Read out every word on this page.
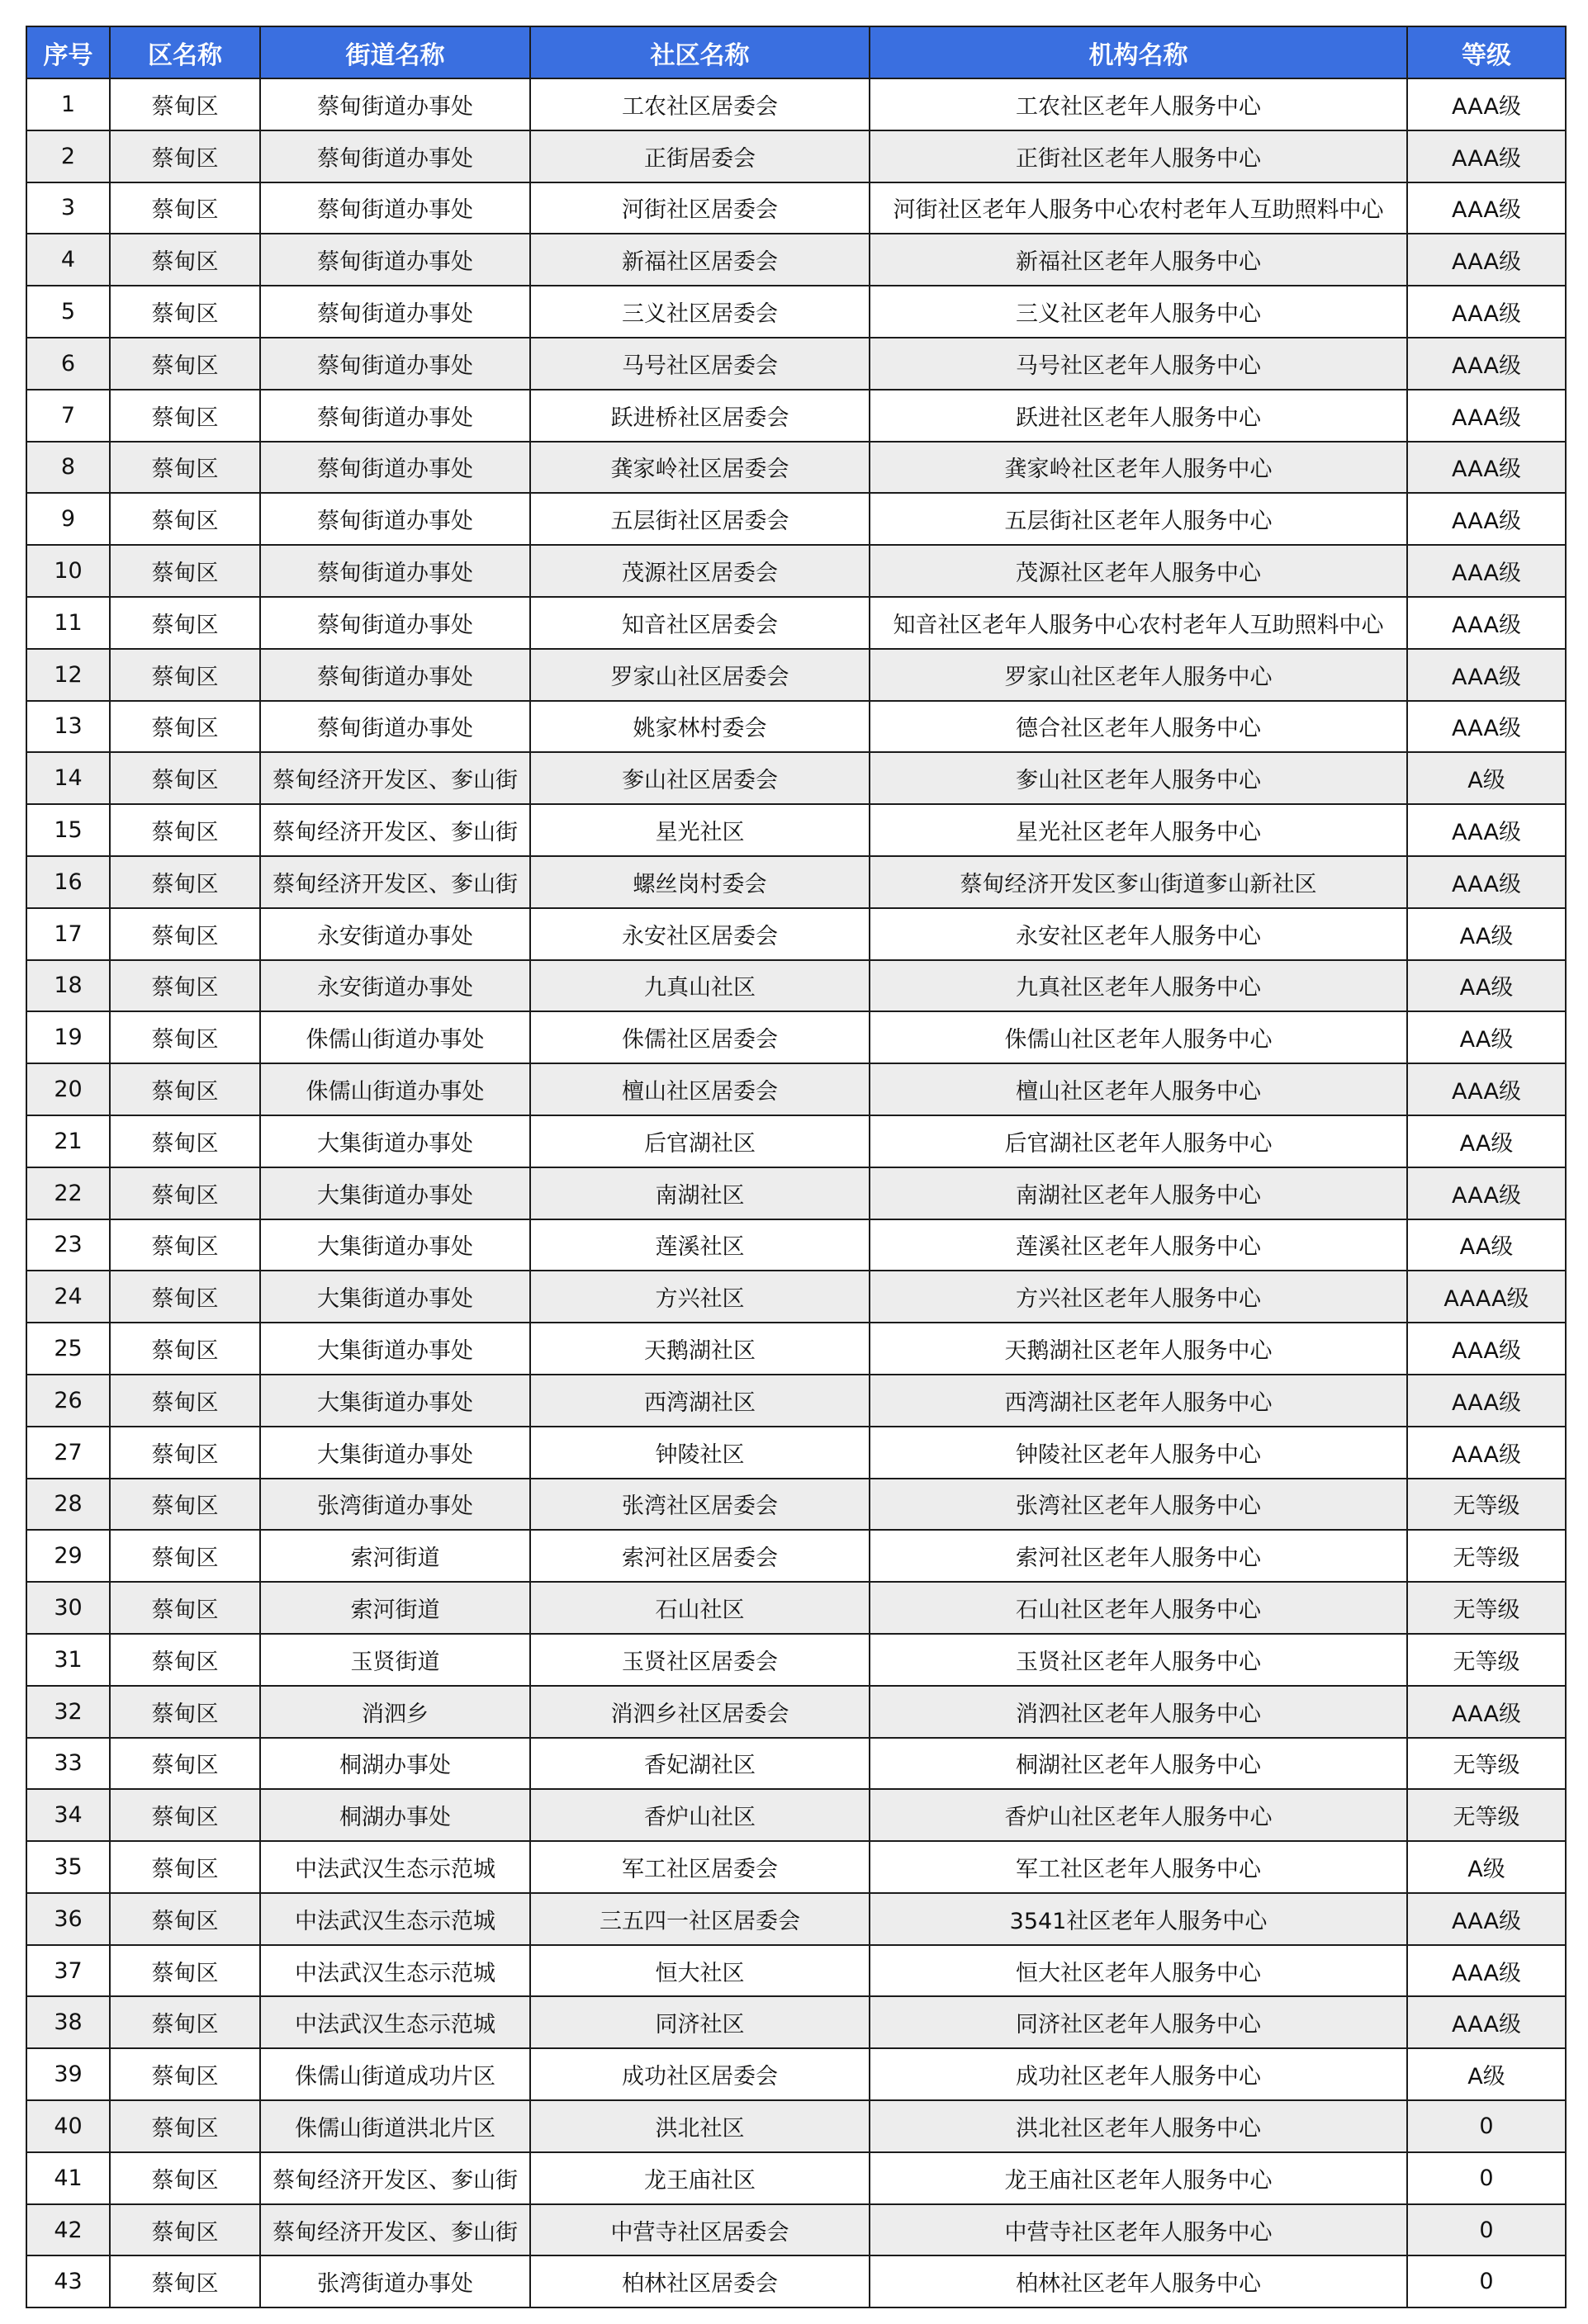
序号	区名称	街道名称	社区名称	机构名称	等级
1	蔡甸区	蔡甸街道办事处	工农社区居委会	工农社区老年人服务中心	AAA级
2	蔡甸区	蔡甸街道办事处	正街居委会	正街社区老年人服务中心	AAA级
3	蔡甸区	蔡甸街道办事处	河街社区居委会	河街社区老年人服务中心农村老年人互助照料中心	AAA级
4	蔡甸区	蔡甸街道办事处	新福社区居委会	新福社区老年人服务中心	AAA级
5	蔡甸区	蔡甸街道办事处	三义社区居委会	三义社区老年人服务中心	AAA级
6	蔡甸区	蔡甸街道办事处	马号社区居委会	马号社区老年人服务中心	AAA级
7	蔡甸区	蔡甸街道办事处	跃进桥社区居委会	跃进社区老年人服务中心	AAA级
8	蔡甸区	蔡甸街道办事处	龚家岭社区居委会	龚家岭社区老年人服务中心	AAA级
9	蔡甸区	蔡甸街道办事处	五层街社区居委会	五层街社区老年人服务中心	AAA级
10	蔡甸区	蔡甸街道办事处	茂源社区居委会	茂源社区老年人服务中心	AAA级
11	蔡甸区	蔡甸街道办事处	知音社区居委会	知音社区老年人服务中心农村老年人互助照料中心	AAA级
12	蔡甸区	蔡甸街道办事处	罗家山社区居委会	罗家山社区老年人服务中心	AAA级
13	蔡甸区	蔡甸街道办事处	姚家林村委会	德合社区老年人服务中心	AAA级
14	蔡甸区	蔡甸经济开发区、奓山街	奓山社区居委会	奓山社区老年人服务中心	A级
15	蔡甸区	蔡甸经济开发区、奓山街	星光社区	星光社区老年人服务中心	AAA级
16	蔡甸区	蔡甸经济开发区、奓山街	螺丝岗村委会	蔡甸经济开发区奓山街道奓山新社区	AAA级
17	蔡甸区	永安街道办事处	永安社区居委会	永安社区老年人服务中心	AA级
18	蔡甸区	永安街道办事处	九真山社区	九真社区老年人服务中心	AA级
19	蔡甸区	侏儒山街道办事处	侏儒社区居委会	侏儒山社区老年人服务中心	AA级
20	蔡甸区	侏儒山街道办事处	檀山社区居委会	檀山社区老年人服务中心	AAA级
21	蔡甸区	大集街道办事处	后官湖社区	后官湖社区老年人服务中心	AA级
22	蔡甸区	大集街道办事处	南湖社区	南湖社区老年人服务中心	AAA级
23	蔡甸区	大集街道办事处	莲溪社区	莲溪社区老年人服务中心	AA级
24	蔡甸区	大集街道办事处	方兴社区	方兴社区老年人服务中心	AAAA级
25	蔡甸区	大集街道办事处	天鹅湖社区	天鹅湖社区老年人服务中心	AAA级
26	蔡甸区	大集街道办事处	西湾湖社区	西湾湖社区老年人服务中心	AAA级
27	蔡甸区	大集街道办事处	钟陵社区	钟陵社区老年人服务中心	AAA级
28	蔡甸区	张湾街道办事处	张湾社区居委会	张湾社区老年人服务中心	无等级
29	蔡甸区	索河街道	索河社区居委会	索河社区老年人服务中心	无等级
30	蔡甸区	索河街道	石山社区	石山社区老年人服务中心	无等级
31	蔡甸区	玉贤街道	玉贤社区居委会	玉贤社区老年人服务中心	无等级
32	蔡甸区	消泗乡	消泗乡社区居委会	消泗社区老年人服务中心	AAA级
33	蔡甸区	桐湖办事处	香妃湖社区	桐湖社区老年人服务中心	无等级
34	蔡甸区	桐湖办事处	香炉山社区	香炉山社区老年人服务中心	无等级
35	蔡甸区	中法武汉生态示范城	军工社区居委会	军工社区老年人服务中心	A级
36	蔡甸区	中法武汉生态示范城	三五四一社区居委会	3541社区老年人服务中心	AAA级
37	蔡甸区	中法武汉生态示范城	恒大社区	恒大社区老年人服务中心	AAA级
38	蔡甸区	中法武汉生态示范城	同济社区	同济社区老年人服务中心	AAA级
39	蔡甸区	侏儒山街道成功片区	成功社区居委会	成功社区老年人服务中心	A级
40	蔡甸区	侏儒山街道洪北片区	洪北社区	洪北社区老年人服务中心	0
41	蔡甸区	蔡甸经济开发区、奓山街	龙王庙社区	龙王庙社区老年人服务中心	0
42	蔡甸区	蔡甸经济开发区、奓山街	中营寺社区居委会	中营寺社区老年人服务中心	0
43	蔡甸区	张湾街道办事处	柏林社区居委会	柏林社区老年人服务中心	0
